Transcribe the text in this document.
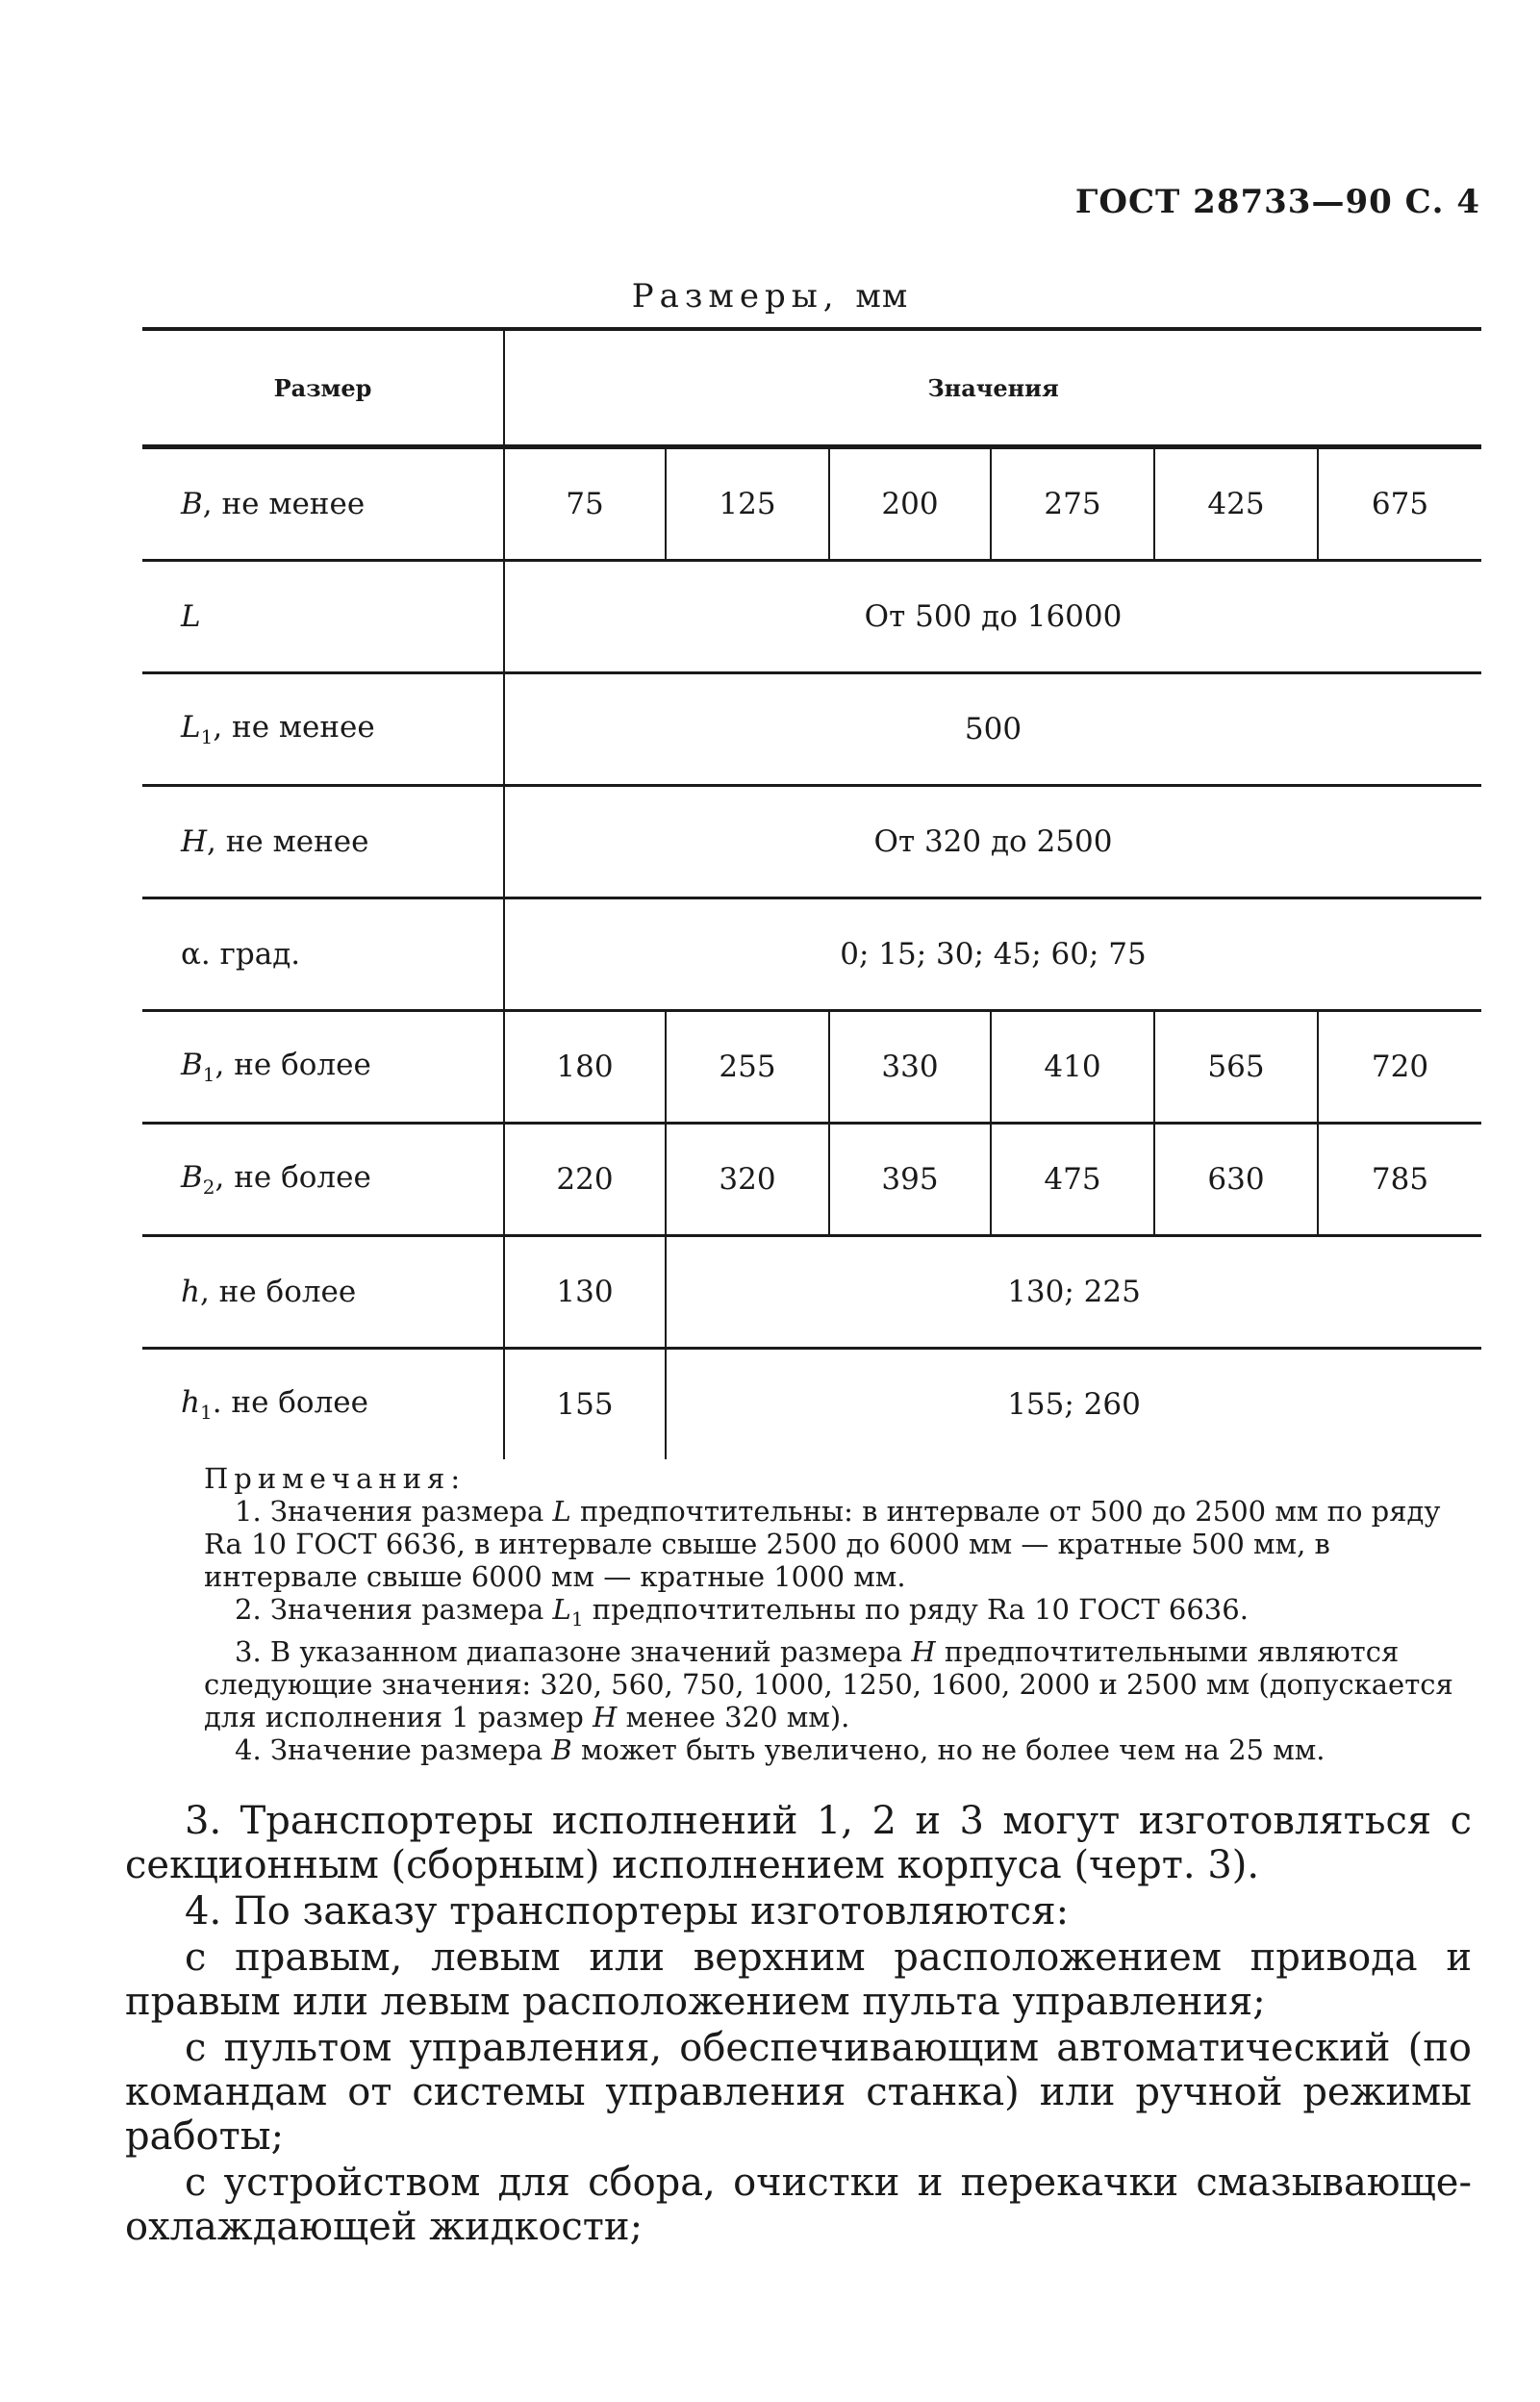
ГОСТ 28733—90 С. 4
Размеры, мм
Размер	Значения					
B, не менее	75	125	200	275	425	675
L	От 500 до 16000					
$L_1$, не менее	500					
H, не менее	От 320 до 2500					
α. град.	0; 15; 30; 45; 60; 75					
$B_1$, не более	180	255	330	410	565	720
$B_2$, не более	220	320	395	475	630	785
h, не более	130	130; 225				
$h_1$. не более	155	155; 260				

Примечания:

1. Значения размера L предпочтительны: в интервале от 500 до 2500 мм по ряду Ra 10 ГОСТ 6636, в интервале свыше 2500 до 6000 мм — кратные 500 мм, в интервале свыше 6000 мм — кратные 1000 мм.

2. Значения размера $L_1$ предпочтительны по ряду Ra 10 ГОСТ 6636.

3. В указанном диапазоне значений размера H предпочтительными являются следующие значения: 320, 560, 750, 1000, 1250, 1600, 2000 и 2500 мм (допускается для исполнения 1 размер H менее 320 мм).

4. Значение размера B может быть увеличено, но не более чем на 25 мм.

3. Транспортеры исполнений 1, 2 и 3 могут изготовляться с секционным (сборным) исполнением корпуса (черт. 3).

4. По заказу транспортеры изготовляются:

с правым, левым или верхним расположением привода и правым или левым расположением пульта управления;

с пультом управления, обеспечивающим автоматический (по командам от системы управления станка) или ручной режимы работы;

с устройством для сбора, очистки и перекачки смазывающе-охлаждающей жидкости;
